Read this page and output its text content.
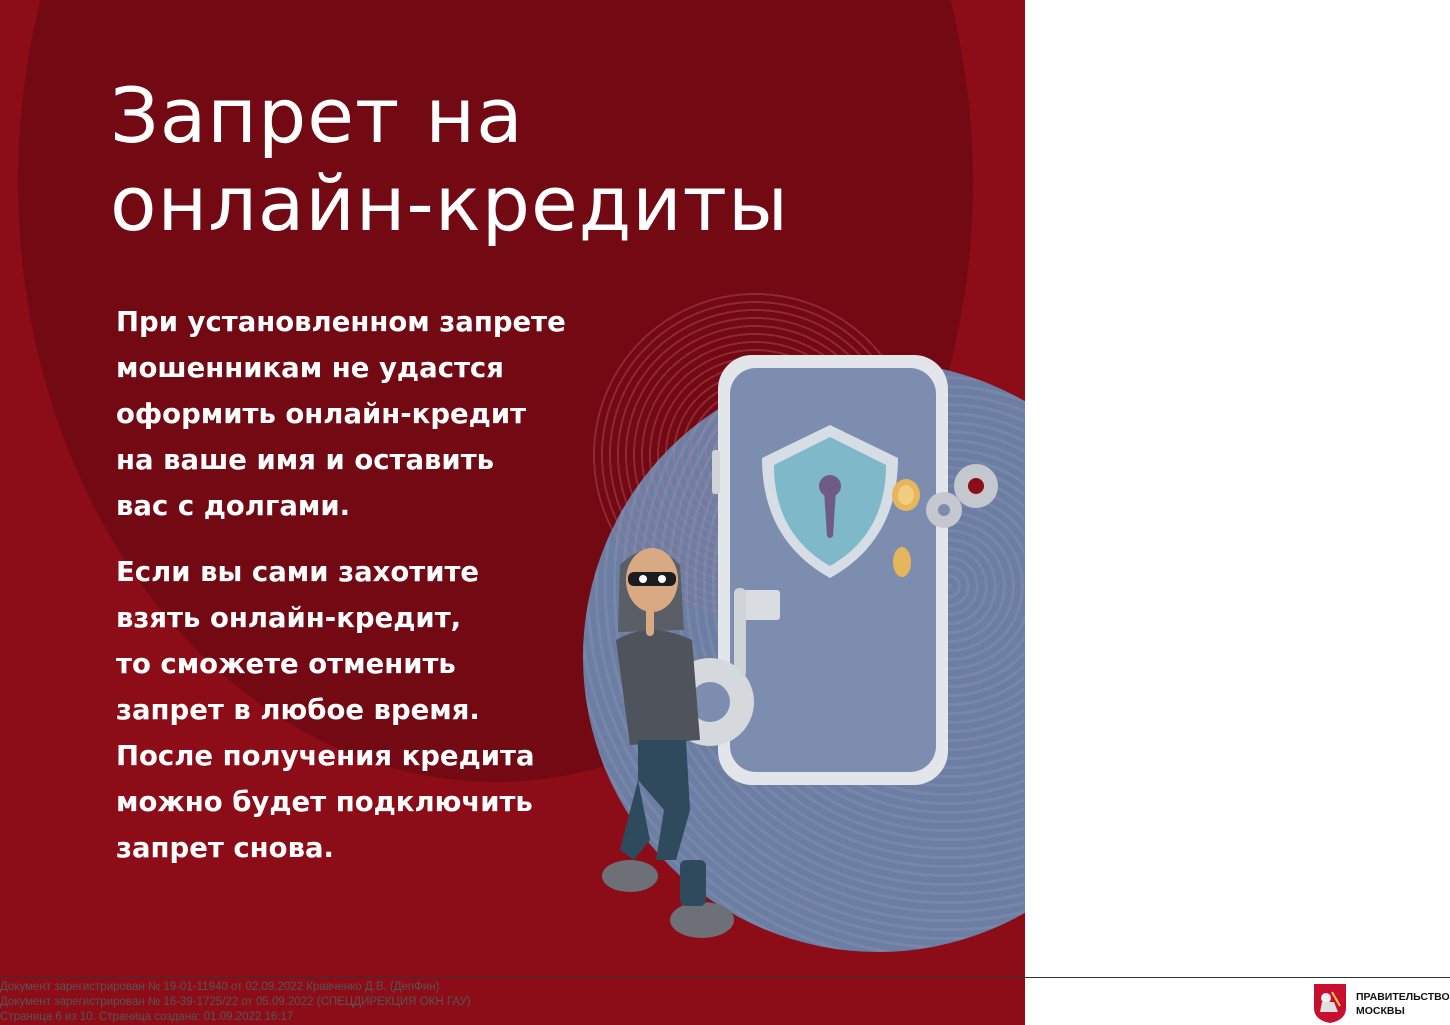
Запрет на
онлайн-кредиты

При установленном запрете
мошенникам не удастся
оформить онлайн-кредит
на ваше имя и оставить
вас с долгами.

Если вы сами захотите
взять онлайн-кредит,
то сможете отменить
запрет в любое время.
После получения кредита
можно будет подключить
запрет снова.

Документ зарегистрирован № 19-01-11940 от 02.09.2022 Кравченко Д.В. (ДепФин)
Документ зарегистрирован № 16-39-1725/22 от 05.09.2022 (СПЕЦДИРЕКЦИЯ ОКН ГАУ)
Страница 6 из 10. Страница создана: 01.09.2022 16:17
ПРАВИТЕЛЬСТВО
МОСКВЫ
